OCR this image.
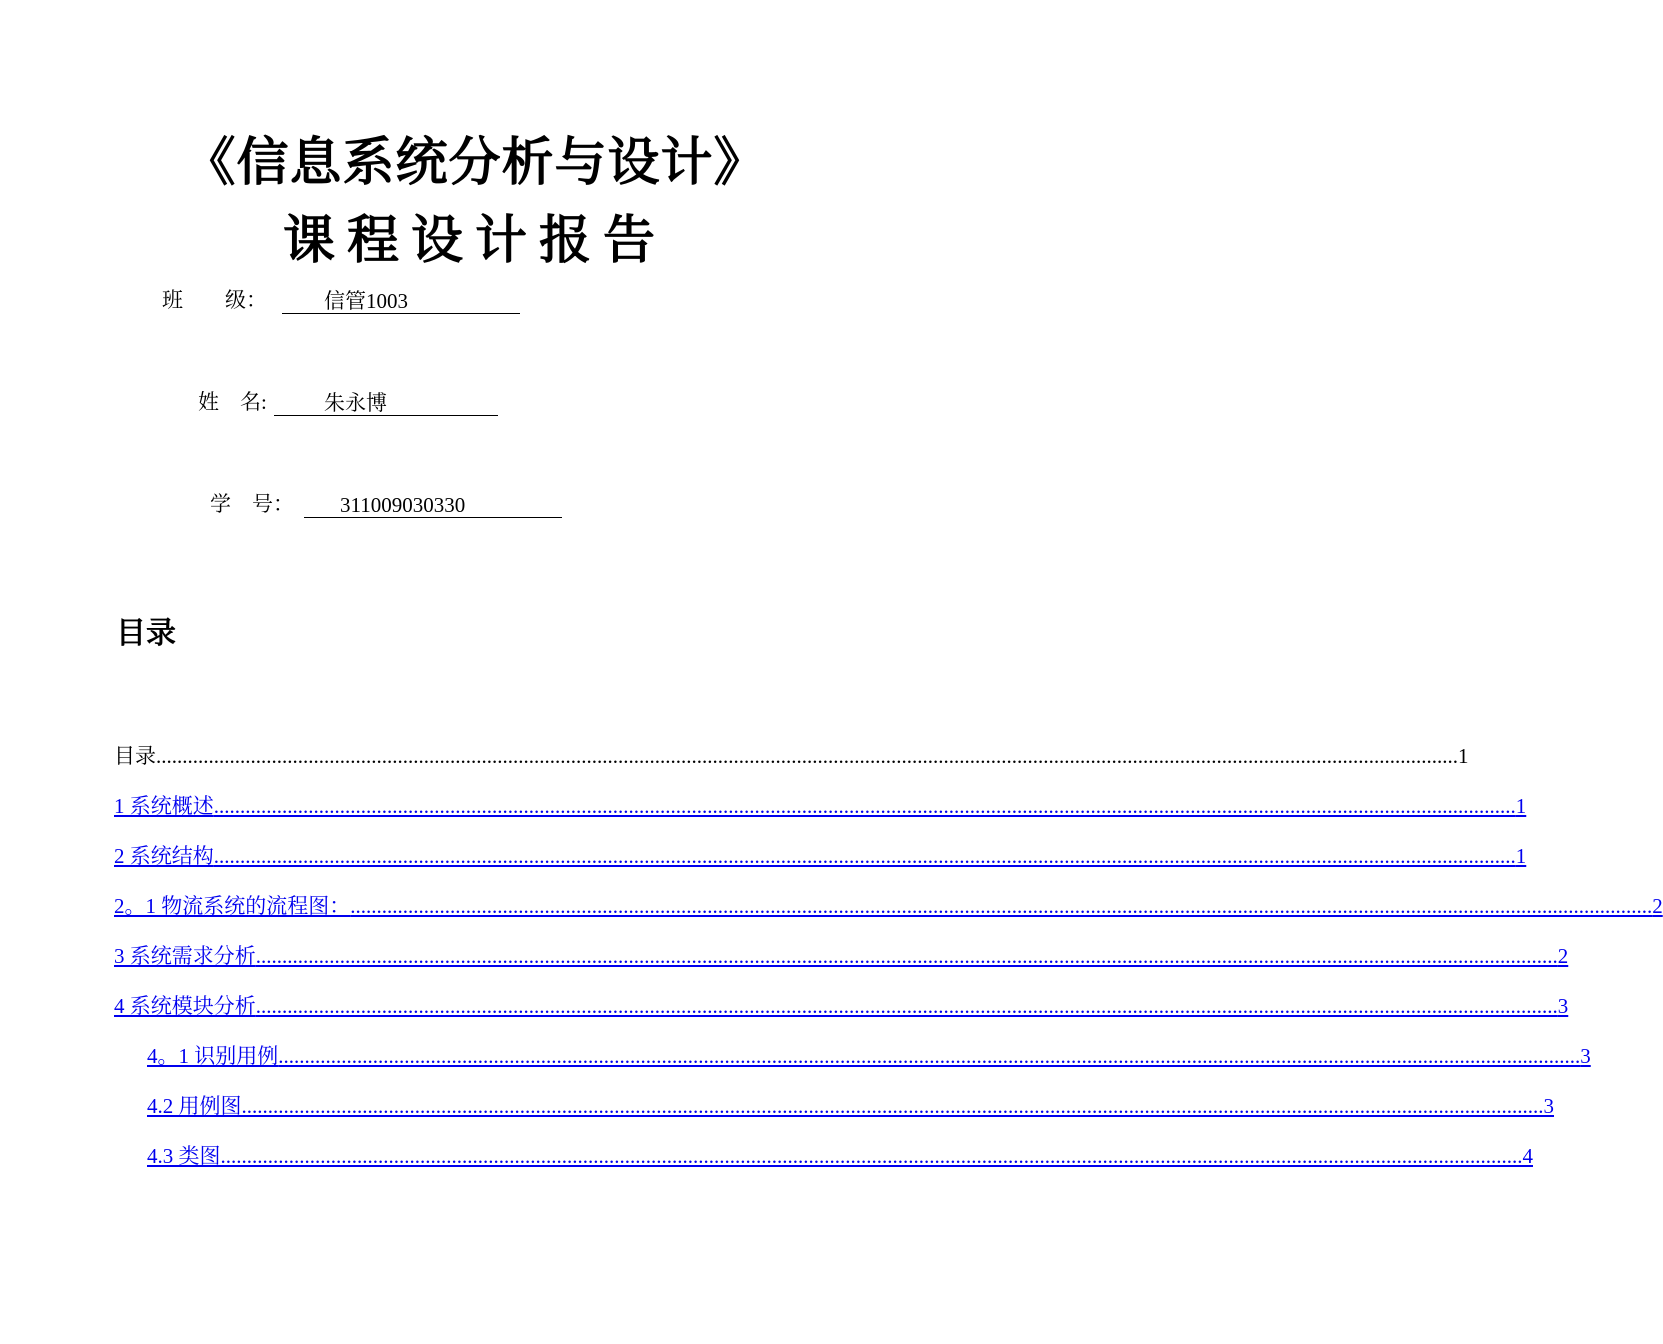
《信息系统分析与设计》
课程设计报告
班　　级：	信管1003
姓　名:	朱永博
学　号：	311009030330
目录
目录 ........................................................................................................................................................................................................................................................ 1
1 系统概述 ........................................................................................................................................................................................................................................................ 1
2 系统结构 ........................................................................................................................................................................................................................................................ 1
2。1 物流系统的流程图： ........................................................................................................................................................................................................................................................ 2
3 系统需求分析 ........................................................................................................................................................................................................................................................ 2
4 系统模块分析 ........................................................................................................................................................................................................................................................ 3
4。1 识别用例 ........................................................................................................................................................................................................................................................ 3
4.2 用例图 ........................................................................................................................................................................................................................................................ 3
4.3 类图 ........................................................................................................................................................................................................................................................ 4
